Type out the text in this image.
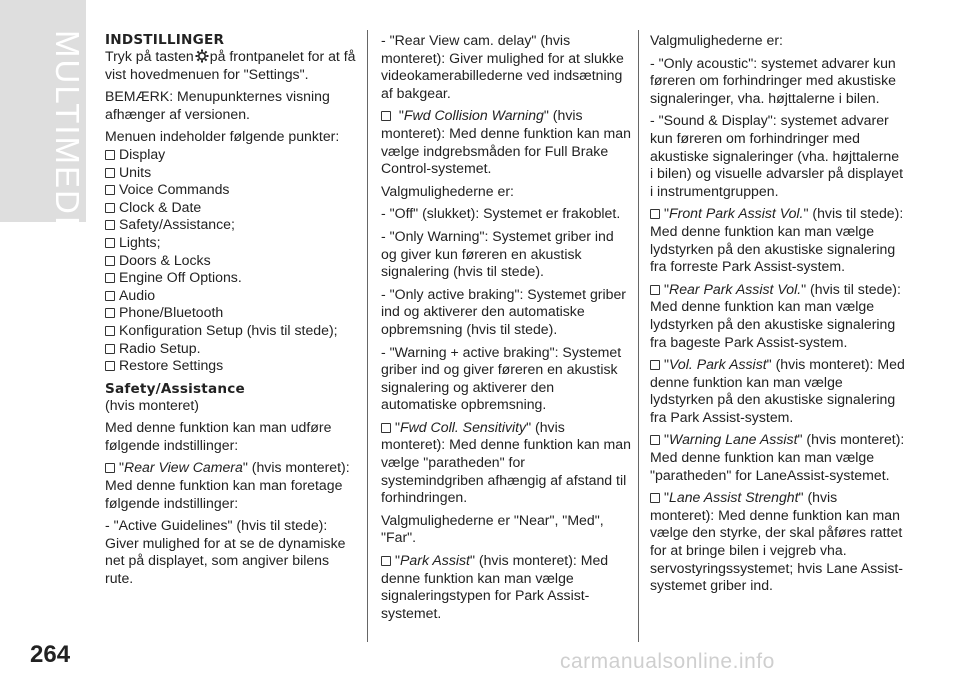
MULTIMEDIE INDSTILLINGER

Tryk på tasten på frontpanelet for at få vist hovedmenuen for "Settings".

BEMÆRK: Menupunkternes visning afhænger af versionen.

Menuen indeholder følgende punkter:

Display
Units
Voice Commands
Clock & Date
Safety/Assistance;
Lights;
Doors & Locks
Engine Off Options.
Audio
Phone/Bluetooth
Konfiguration Setup (hvis til stede);
Radio Setup.
Restore Settings

Safety/Assistance

(hvis monteret)

Med denne funktion kan man udføre følgende indstillinger:

"Rear View Camera" (hvis monteret): Med denne funktion kan man foretage følgende indstillinger:

- "Active Guidelines" (hvis til stede): Giver mulighed for at se de dynamiske net på displayet, som angiver bilens rute.

- "Rear View cam. delay" (hvis monteret): Giver mulighed for at slukke videokamerabillederne ved indsætning af bakgear.

"Fwd Collision Warning" (hvis monteret): Med denne funktion kan man vælge indgrebsmåden for Full Brake Control-systemet.

Valgmulighederne er:

- "Off" (slukket): Systemet er frakoblet.

- "Only Warning": Systemet griber ind og giver kun føreren en akustisk signalering (hvis til stede).

- "Only active braking": Systemet griber ind og aktiverer den automatiske opbremsning (hvis til stede).

- "Warning + active braking": Systemet griber ind og giver føreren en akustisk signalering og aktiverer den automatiske opbremsning.

"Fwd Coll. Sensitivity" (hvis monteret): Med denne funktion kan man vælge "paratheden" for systemindgriben afhængig af afstand til forhindringen.

Valgmulighederne er "Near", "Med", "Far".

"Park Assist" (hvis monteret): Med denne funktion kan man vælge signaleringstypen for Park Assist-systemet.

Valgmulighederne er:

- "Only acoustic": systemet advarer kun føreren om forhindringer med akustiske signaleringer, vha. højttalerne i bilen.

- "Sound & Display": systemet advarer kun føreren om forhindringer med akustiske signaleringer (vha. højttalerne i bilen) og visuelle advarsler på displayet i instrumentgruppen.

"Front Park Assist Vol." (hvis til stede): Med denne funktion kan man vælge lydstyrken på den akustiske signalering fra forreste Park Assist-system.

"Rear Park Assist Vol." (hvis til stede): Med denne funktion kan man vælge lydstyrken på den akustiske signalering fra bageste Park Assist-system.

"Vol. Park Assist" (hvis monteret): Med denne funktion kan man vælge lydstyrken på den akustiske signalering fra Park Assist-system.

"Warning Lane Assist" (hvis monteret): Med denne funktion kan man vælge "paratheden" for LaneAssist-systemet.

"Lane Assist Strenght" (hvis monteret): Med denne funktion kan man vælge den styrke, der skal påføres rattet for at bringe bilen i vejgreb vha. servostyringssystemet; hvis Lane Assist-systemet griber ind.

264	carmanualsonline.info
